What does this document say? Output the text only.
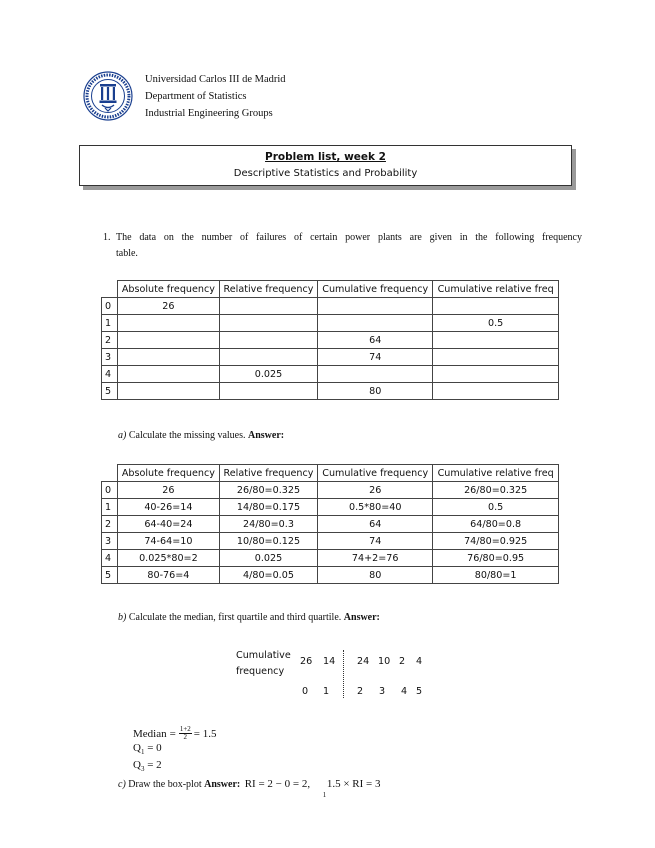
Universidad Carlos III de Madrid
Department of Statistics
Industrial Engineering Groups
Problem list, week 2
Descriptive Statistics and Probability
1. The data on the number of failures of certain power plants are given in the following frequency
table.
	Absolute frequency	Relative frequency	Cumulative frequency	Cumulative relative freq
0	26			
1				0.5
2			64	
3			74	
4		0.025		
5			80	
a) Calculate the missing values. Answer:
	Absolute frequency	Relative frequency	Cumulative frequency	Cumulative relative freq
0	26	26/80=0.325	26	26/80=0.325
1	40-26=14	14/80=0.175	0.5*80=40	0.5
2	64-40=24	24/80=0.3	64	64/80=0.8
3	74-64=10	10/80=0.125	74	74/80=0.925
4	0.025*80=2	0.025	74+2=76	76/80=0.95
5	80-76=4	4/80=0.05	80	80/80=1
b) Calculate the median, first quartile and third quartile. Answer:
Cumulative
frequency
26 14 24 10 2 4
0 1	2 3 4 5
Median = $\frac{1+2}{2} = 1.5$
$Q_1 = 0$
$Q_3 = 2$
c) Draw the box-plot Answer: RI = 2 − 0 = 2,
1
1.5 × RI = 3
